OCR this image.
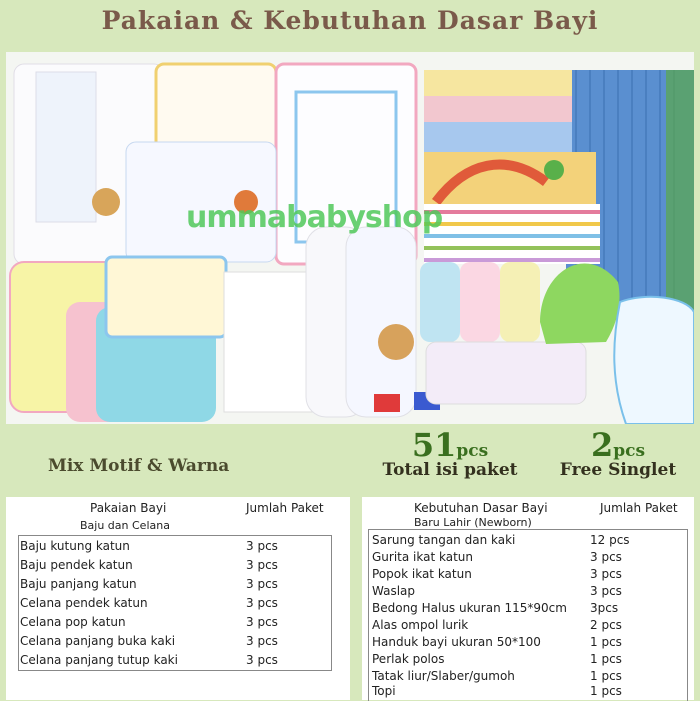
Pakaian & Kebutuhan Dasar Bayi
ummababyshop
Mix Motif & Warna
51pcs
Total isi paket
2pcs
Free Singlet
Pakaian Bayi	Jumlah Paket
Baju dan Celana
Baju kutung katun	3 pcs
Baju pendek katun	3 pcs
Baju panjang katun	3 pcs
Celana pendek katun	3 pcs
Celana pop katun	3 pcs
Celana panjang buka kaki	3 pcs
Celana panjang tutup kaki	3 pcs
Kebutuhan Dasar Bayi	Jumlah Paket
Baru Lahir (Newborn)
Sarung tangan dan kaki	12 pcs
Gurita ikat katun	3 pcs
Popok ikat katun	3 pcs
Waslap	3 pcs
Bedong Halus ukuran 115*90cm 3pcs
Alas ompol lurik	2 pcs
Handuk bayi ukuran 50*100	1 pcs
Perlak polos	1 pcs
Tatak liur/Slaber/gumoh	1 pcs
Topi	1 pcs
